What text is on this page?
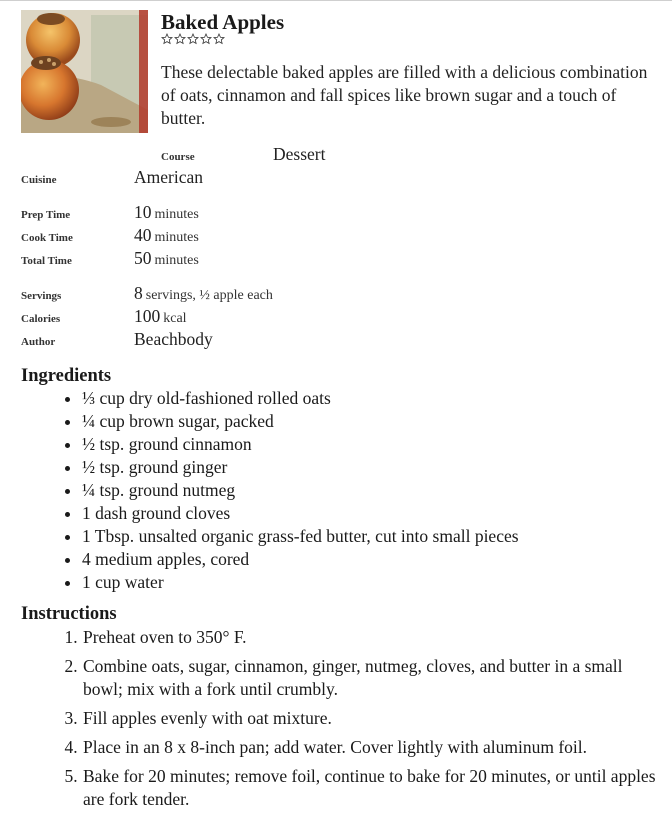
Baked Apples

These delectable baked apples are filled with a delicious combination of oats, cinnamon and fall spices like brown sugar and a touch of butter.

Course	Dessert
Cuisine	American
Prep Time	10 minutes
Cook Time	40 minutes
Total Time	50 minutes
Servings	8 servings, ½ apple each
Calories	100 kcal
Author	Beachbody
Ingredients
• ⅓ cup dry old-fashioned rolled oats
• ¼ cup brown sugar, packed
• ½ tsp. ground cinnamon
• ½ tsp. ground ginger
• ¼ tsp. ground nutmeg
• 1 dash ground cloves
• 1 Tbsp. unsalted organic grass-fed butter, cut into small pieces
• 4 medium apples, cored
• 1 cup water
Instructions
1. Preheat oven to 350° F.
2. Combine oats, sugar, cinnamon, ginger, nutmeg, cloves, and butter in a small bowl; mix with a fork until crumbly.
3. Fill apples evenly with oat mixture.
4. Place in an 8 x 8-inch pan; add water. Cover lightly with aluminum foil.
5. Bake for 20 minutes; remove foil, continue to bake for 20 minutes, or until apples are fork tender.
